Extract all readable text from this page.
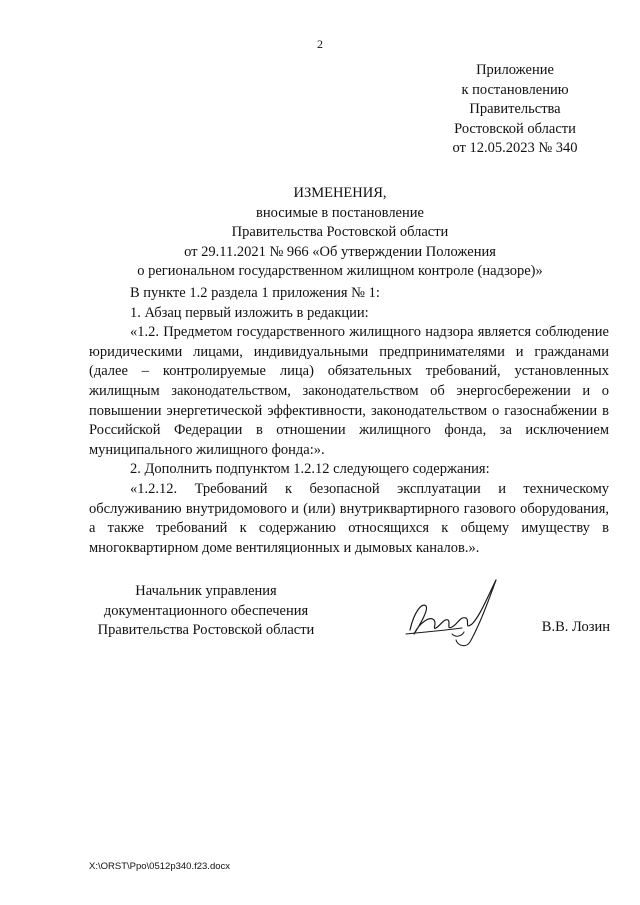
2
Приложение
к постановлению
Правительства
Ростовской области
от 12.05.2023 № 340
ИЗМЕНЕНИЯ,
вносимые в постановление
Правительства Ростовской области
от 29.11.2021 № 966 «Об утверждении Положения
о региональном государственном жилищном контроле (надзоре)»

В пункте 1.2 раздела 1 приложения № 1:

1. Абзац первый изложить в редакции:

«1.2. Предметом государственного жилищного надзора является соблюдение юридическими лицами, индивидуальными предпринимателями и гражданами (далее – контролируемые лица) обязательных требований, установленных жилищным законодательством, законодательством об энергосбережении и о повышении энергетической эффективности, законодательством о газоснабжении в Российской Федерации в отношении жилищного фонда, за исключением муниципального жилищного фонда:».

2. Дополнить подпунктом 1.2.12 следующего содержания:

«1.2.12. Требований к безопасной эксплуатации и техническому обслуживанию внутридомового и (или) внутриквартирного газового оборудования, а также требований к содержанию относящихся к общему имуществу в многоквартирном доме вентиляционных и дымовых каналов.».

Начальник управления
документационного обеспечения
Правительства Ростовской области	В.В. Лозин
X:\ORST\Ppo\0512p340.f23.docx
